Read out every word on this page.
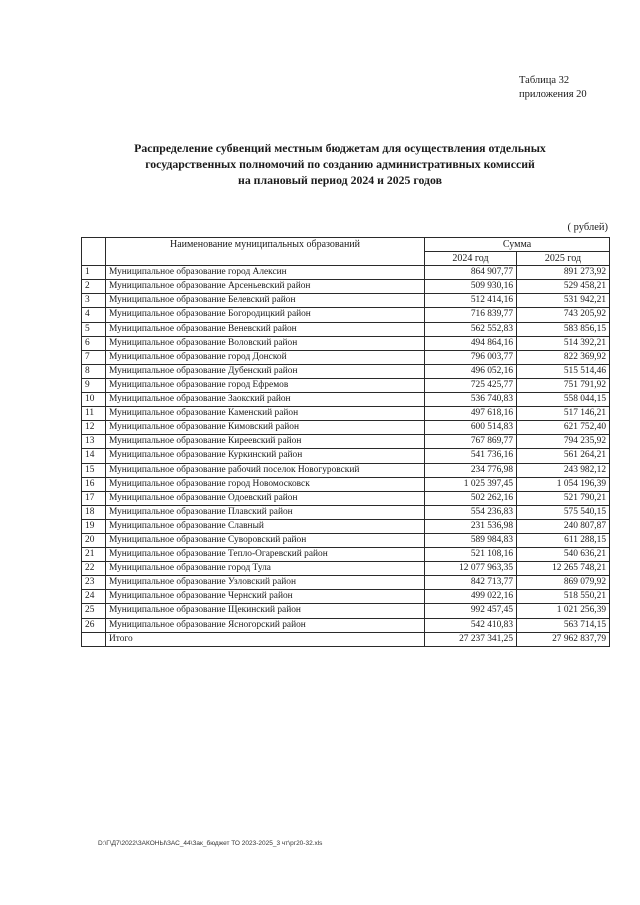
Таблица 32
приложения 20
Распределение субвенций местным бюджетам для осуществления отдельных
государственных полномочий по созданию административных комиссий
на плановый период 2024 и 2025 годов
( рублей)
	Наименование муниципальных образований	Сумма	
		2024 год	2025 год
1	Муниципальное образование город Алексин	864 907,77	891 273,92
2	Муниципальное образование Арсеньевский район	509 930,16	529 458,21
3	Муниципальное образование Белевский район	512 414,16	531 942,21
4	Муниципальное образование Богородицкий район	716 839,77	743 205,92
5	Муниципальное образование Веневский район	562 552,83	583 856,15
6	Муниципальное образование Воловский район	494 864,16	514 392,21
7	Муниципальное образование город Донской	796 003,77	822 369,92
8	Муниципальное образование Дубенский район	496 052,16	515 514,46
9	Муниципальное образование город Ефремов	725 425,77	751 791,92
10	Муниципальное образование Заокский район	536 740,83	558 044,15
11	Муниципальное образование Каменский район	497 618,16	517 146,21
12	Муниципальное образование Кимовский район	600 514,83	621 752,40
13	Муниципальное образование Киреевский район	767 869,77	794 235,92
14	Муниципальное образование Куркинский район	541 736,16	561 264,21
15	Муниципальное образование рабочий поселок Новогуровский	234 776,98	243 982,12
16	Муниципальное образование город Новомосковск	1 025 397,45	1 054 196,39
17	Муниципальное образование Одоевский район	502 262,16	521 790,21
18	Муниципальное образование Плавский район	554 236,83	575 540,15
19	Муниципальное образование Славный	231 536,98	240 807,87
20	Муниципальное образование Суворовский район	589 984,83	611 288,15
21	Муниципальное образование Тепло-Огаревский район	521 108,16	540 636,21
22	Муниципальное образование город Тула	12 077 963,35	12 265 748,21
23	Муниципальное образование Узловский район	842 713,77	869 079,92
24	Муниципальное образование Чернский район	499 022,16	518 550,21
25	Муниципальное образование Щекинский район	992 457,45	1 021 256,39
26	Муниципальное образование Ясногорский район	542 410,83	563 714,15
	Итого	27 237 341,25	27 962 837,79
D:\Г\Д7\2022\ЗАКОНЫ\ЗАС_44\Зак_бюджет ТО 2023-2025_3 чт\рг20-32.xls
